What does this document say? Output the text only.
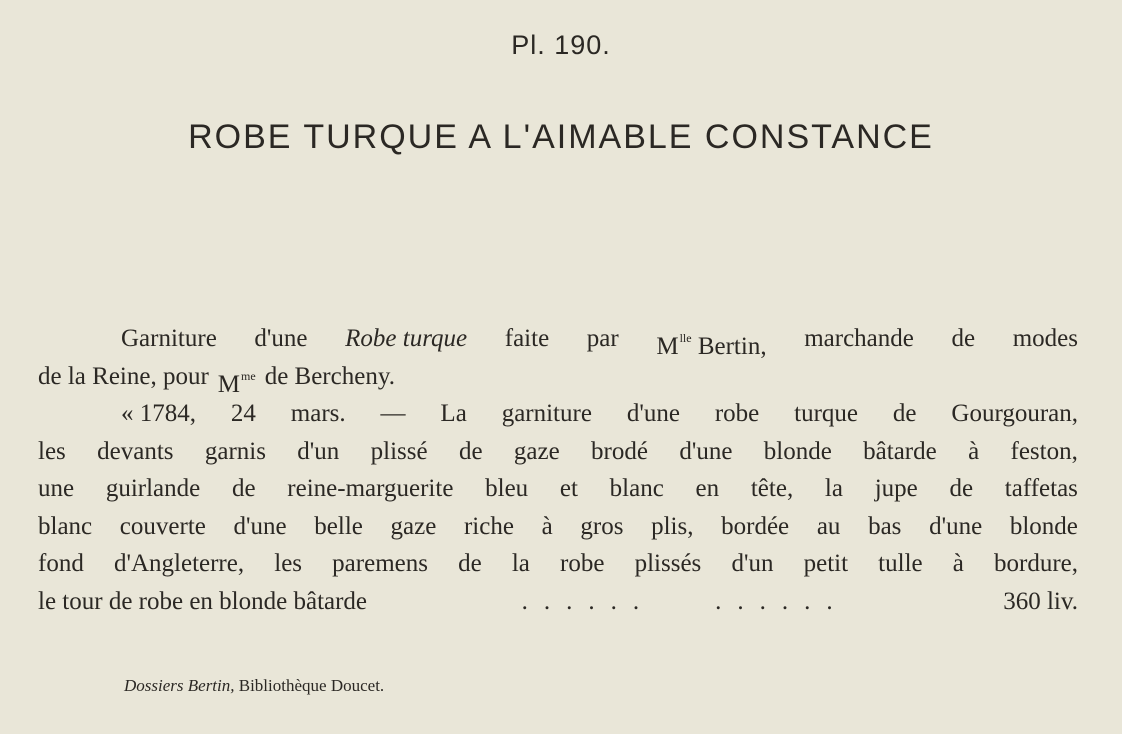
Pl. 190.
ROBE TURQUE A L'AIMABLE CONSTANCE
Garniture d'une Robe turque faite par $M^{lle}$ Bertin, marchande de modes
de la Reine, pour $M^{me}$ de Bercheny.
« 1784, 24 mars. — La garniture d'une robe turque de Gourgouran,
les devants garnis d'un plissé de gaze brodé d'une blonde bâtarde à feston,
une guirlande de reine-marguerite bleu et blanc en tête, la jupe de taffetas
blanc couverte d'une belle gaze riche à gros plis, bordée au bas d'une blonde
fond d'Angleterre, les paremens de la robe plissés d'un petit tulle à bordure,
le tour de robe en blonde bâtarde	...... ......	360 liv.
Dossiers Bertin, Bibliothèque Doucet.
